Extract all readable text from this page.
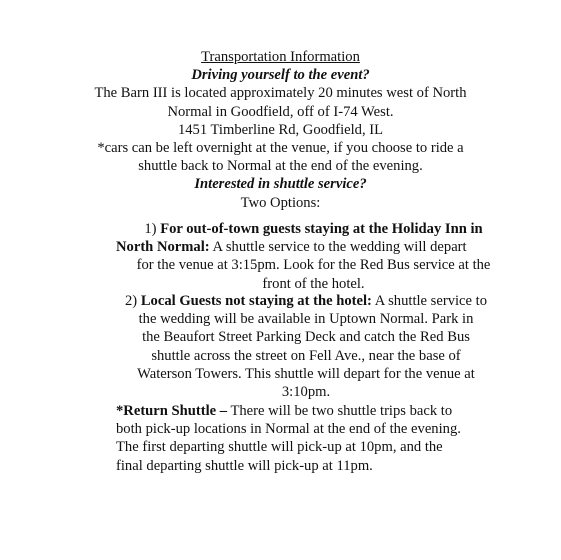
Transportation Information
Driving yourself to the event?
The Barn III is located approximately 20 minutes west of North
Normal in Goodfield, off of I-74 West.
1451 Timberline Rd, Goodfield, IL
*cars can be left overnight at the venue, if you choose to ride a
shuttle back to Normal at the end of the evening.
Interested in shuttle service?
Two Options:
1) For out-of-town guests staying at the Holiday Inn in
North Normal: A shuttle service to the wedding will depart
for the venue at 3:15pm. Look for the Red Bus service at the
front of the hotel.
2) Local Guests not staying at the hotel: A shuttle service to
the wedding will be available in Uptown Normal. Park in
the Beaufort Street Parking Deck and catch the Red Bus
shuttle across the street on Fell Ave., near the base of
Waterson Towers. This shuttle will depart for the venue at
3:10pm.
*Return Shuttle – There will be two shuttle trips back to
both pick-up locations in Normal at the end of the evening.
The first departing shuttle will pick-up at 10pm, and the
final departing shuttle will pick-up at 11pm.
